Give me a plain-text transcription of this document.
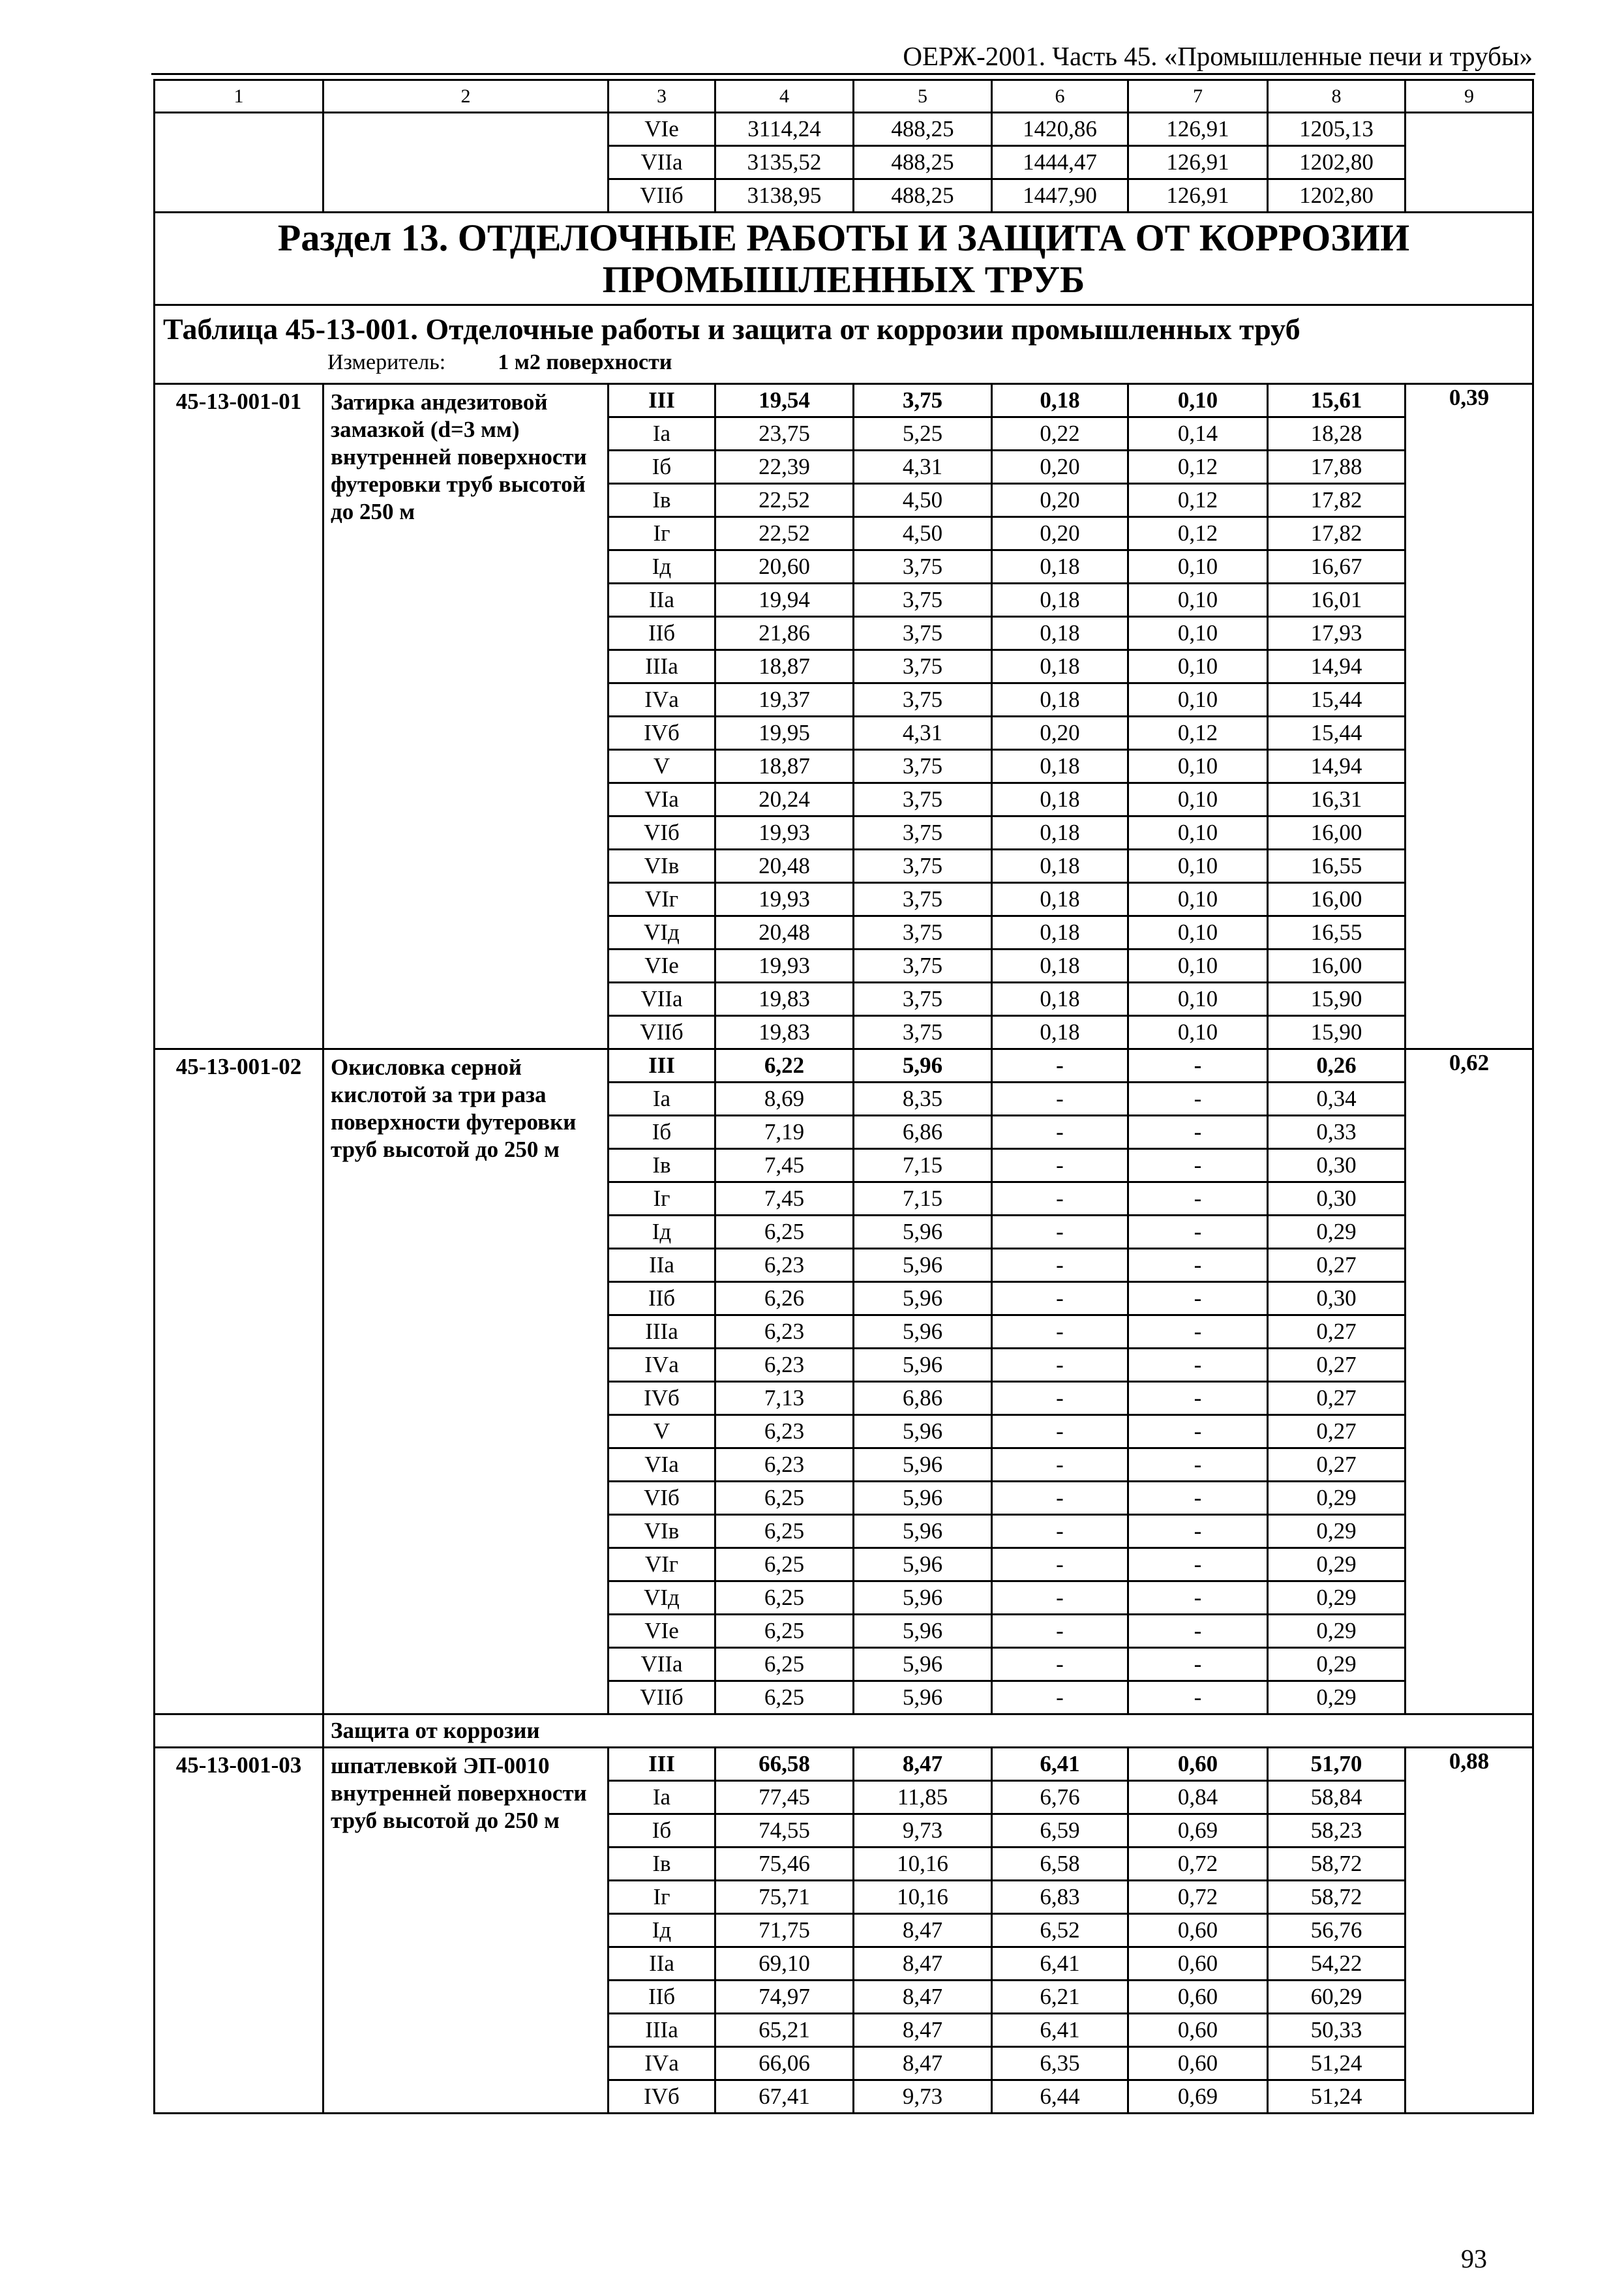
ОЕРЖ-2001. Часть 45. «Промышленные печи и трубы»
1	2	3	4	5	6	7	8	9
		VIе	3114,24	488,25	1420,86	126,91	1205,13	
		VIIа	3135,52	488,25	1444,47	126,91	1202,80	
		VIIб	3138,95	488,25	1447,90	126,91	1202,80	
Раздел 13. ОТДЕЛОЧНЫЕ РАБОТЫ И ЗАЩИТА ОТ КОРРОЗИИ ПРОМЫШЛЕННЫХ ТРУБ								

Таблица 45-13-001. Отделочные работы и защита от коррозии промышленных труб
Измеритель: 1 м2 поверхности								

45-13-001-01	Затирка андезитовой замазкой (d=3 мм) внутренней поверхности футеровки труб высотой до 250 м	III	19,54	3,75	0,18	0,10	15,61	0,39
		Iа	23,75	5,25	0,22	0,14	18,28	
		Iб	22,39	4,31	0,20	0,12	17,88	
		Iв	22,52	4,50	0,20	0,12	17,82	
		Iг	22,52	4,50	0,20	0,12	17,82	
		Iд	20,60	3,75	0,18	0,10	16,67	
		IIа	19,94	3,75	0,18	0,10	16,01	
		IIб	21,86	3,75	0,18	0,10	17,93	
		IIIа	18,87	3,75	0,18	0,10	14,94	
		IVа	19,37	3,75	0,18	0,10	15,44	
		IVб	19,95	4,31	0,20	0,12	15,44	
		V	18,87	3,75	0,18	0,10	14,94	
		VIа	20,24	3,75	0,18	0,10	16,31	
		VIб	19,93	3,75	0,18	0,10	16,00	
		VIв	20,48	3,75	0,18	0,10	16,55	
		VIг	19,93	3,75	0,18	0,10	16,00	
		VIд	20,48	3,75	0,18	0,10	16,55	
		VIе	19,93	3,75	0,18	0,10	16,00	
		VIIа	19,83	3,75	0,18	0,10	15,90	
		VIIб	19,83	3,75	0,18	0,10	15,90	
45-13-001-02	Окисловка серной кислотой за три раза поверхности футеровки труб высотой до 250 м	III	6,22	5,96	-	-	0,26	0,62
		Iа	8,69	8,35	-	-	0,34	
		Iб	7,19	6,86	-	-	0,33	
		Iв	7,45	7,15	-	-	0,30	
		Iг	7,45	7,15	-	-	0,30	
		Iд	6,25	5,96	-	-	0,29	
		IIа	6,23	5,96	-	-	0,27	
		IIб	6,26	5,96	-	-	0,30	
		IIIа	6,23	5,96	-	-	0,27	
		IVа	6,23	5,96	-	-	0,27	
		IVб	7,13	6,86	-	-	0,27	
		V	6,23	5,96	-	-	0,27	
		VIа	6,23	5,96	-	-	0,27	
		VIб	6,25	5,96	-	-	0,29	
		VIв	6,25	5,96	-	-	0,29	
		VIг	6,25	5,96	-	-	0,29	
		VIд	6,25	5,96	-	-	0,29	
		VIе	6,25	5,96	-	-	0,29	
		VIIа	6,25	5,96	-	-	0,29	
		VIIб	6,25	5,96	-	-	0,29	
	Защита от коррозии							
45-13-001-03	шпатлевкой ЭП-0010 внутренней поверхности труб высотой до 250 м	III	66,58	8,47	6,41	0,60	51,70	0,88
		Iа	77,45	11,85	6,76	0,84	58,84	
		Iб	74,55	9,73	6,59	0,69	58,23	
		Iв	75,46	10,16	6,58	0,72	58,72	
		Iг	75,71	10,16	6,83	0,72	58,72	
		Iд	71,75	8,47	6,52	0,60	56,76	
		IIа	69,10	8,47	6,41	0,60	54,22	
		IIб	74,97	8,47	6,21	0,60	60,29	
		IIIа	65,21	8,47	6,41	0,60	50,33	
		IVа	66,06	8,47	6,35	0,60	51,24	
		IVб	67,41	9,73	6,44	0,69	51,24	
93
